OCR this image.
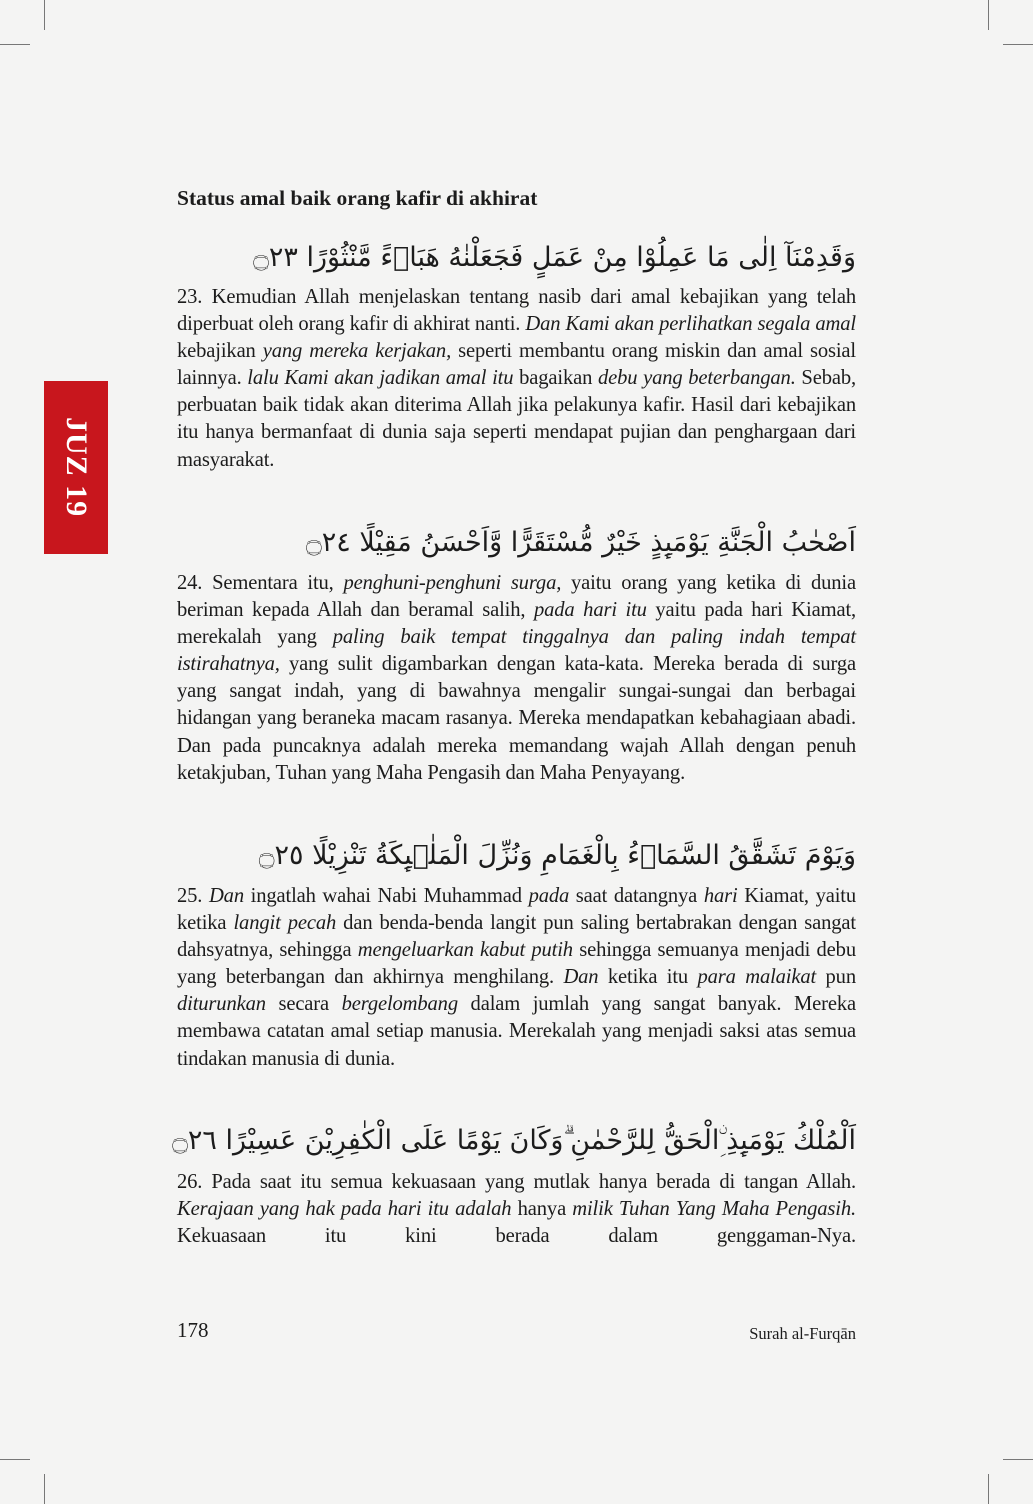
JUZ 19
Status amal baik orang kafir di akhirat
وَقَدِمْنَآ اِلٰى مَا عَمِلُوْا مِنْ عَمَلٍ فَجَعَلْنٰهُ هَبَاۤءً مَّنْثُوْرًا ۝٢٣
23. Kemudian Allah menjelaskan tentang nasib dari amal kebajikan yang telah diperbuat oleh orang kafir di akhirat nanti. Dan Kami akan perlihatkan segala amal kebajikan yang mereka kerjakan, seperti membantu orang miskin dan amal sosial lainnya. lalu Kami akan jadikan amal itu bagaikan debu yang beterbangan. Sebab, perbuatan baik tidak akan diterima Allah jika pelakunya kafir. Hasil dari kebajikan itu hanya bermanfaat di dunia saja seperti mendapat pujian dan penghargaan dari masyarakat.
اَصْحٰبُ الْجَنَّةِ يَوْمَىِٕذٍ خَيْرٌ مُّسْتَقَرًّا وَّاَحْسَنُ مَقِيْلًا ۝٢٤
24. Sementara itu, penghuni-penghuni surga, yaitu orang yang ketika di dunia beriman kepada Allah dan beramal salih, pada hari itu yaitu pada hari Kiamat, merekalah yang paling baik tempat tinggalnya dan paling indah tempat istirahatnya, yang sulit digambarkan dengan kata-kata. Mereka berada di surga yang sangat indah, yang di bawahnya mengalir sungai-sungai dan berbagai hidangan yang beraneka macam rasanya. Mereka mendapatkan kebahagiaan abadi. Dan pada puncaknya adalah mereka memandang wajah Allah dengan penuh ketakjuban, Tuhan yang Maha Pengasih dan Maha Penyayang.
وَيَوْمَ تَشَقَّقُ السَّمَاۤءُ بِالْغَمَامِ وَنُزِّلَ الْمَلٰۤىِٕكَةُ تَنْزِيْلًا ۝٢٥
25. Dan ingatlah wahai Nabi Muhammad pada saat datangnya hari Kiamat, yaitu ketika langit pecah dan benda-benda langit pun saling bertabrakan dengan sangat dahsyatnya, sehingga mengeluarkan kabut putih sehingga semuanya menjadi debu yang beterbangan dan akhirnya menghilang. Dan ketika itu para malaikat pun diturunkan secara bergelombang dalam jumlah yang sangat banyak. Mereka membawa catatan amal setiap manusia. Merekalah yang menjadi saksi atas semua tindakan manusia di dunia.
اَلْمُلْكُ يَوْمَىِٕذِ ِۨالْحَقُّ لِلرَّحْمٰنِ ۗوَكَانَ يَوْمًا عَلَى الْكٰفِرِيْنَ عَسِيْرًا ۝٢٦
26. Pada saat itu semua kekuasaan yang mutlak hanya berada di tangan Allah. Kerajaan yang hak pada hari itu adalah hanya milik Tuhan Yang Maha Pengasih. Kekuasaan itu kini berada dalam genggaman-Nya.
178	Surah al-Furqān
